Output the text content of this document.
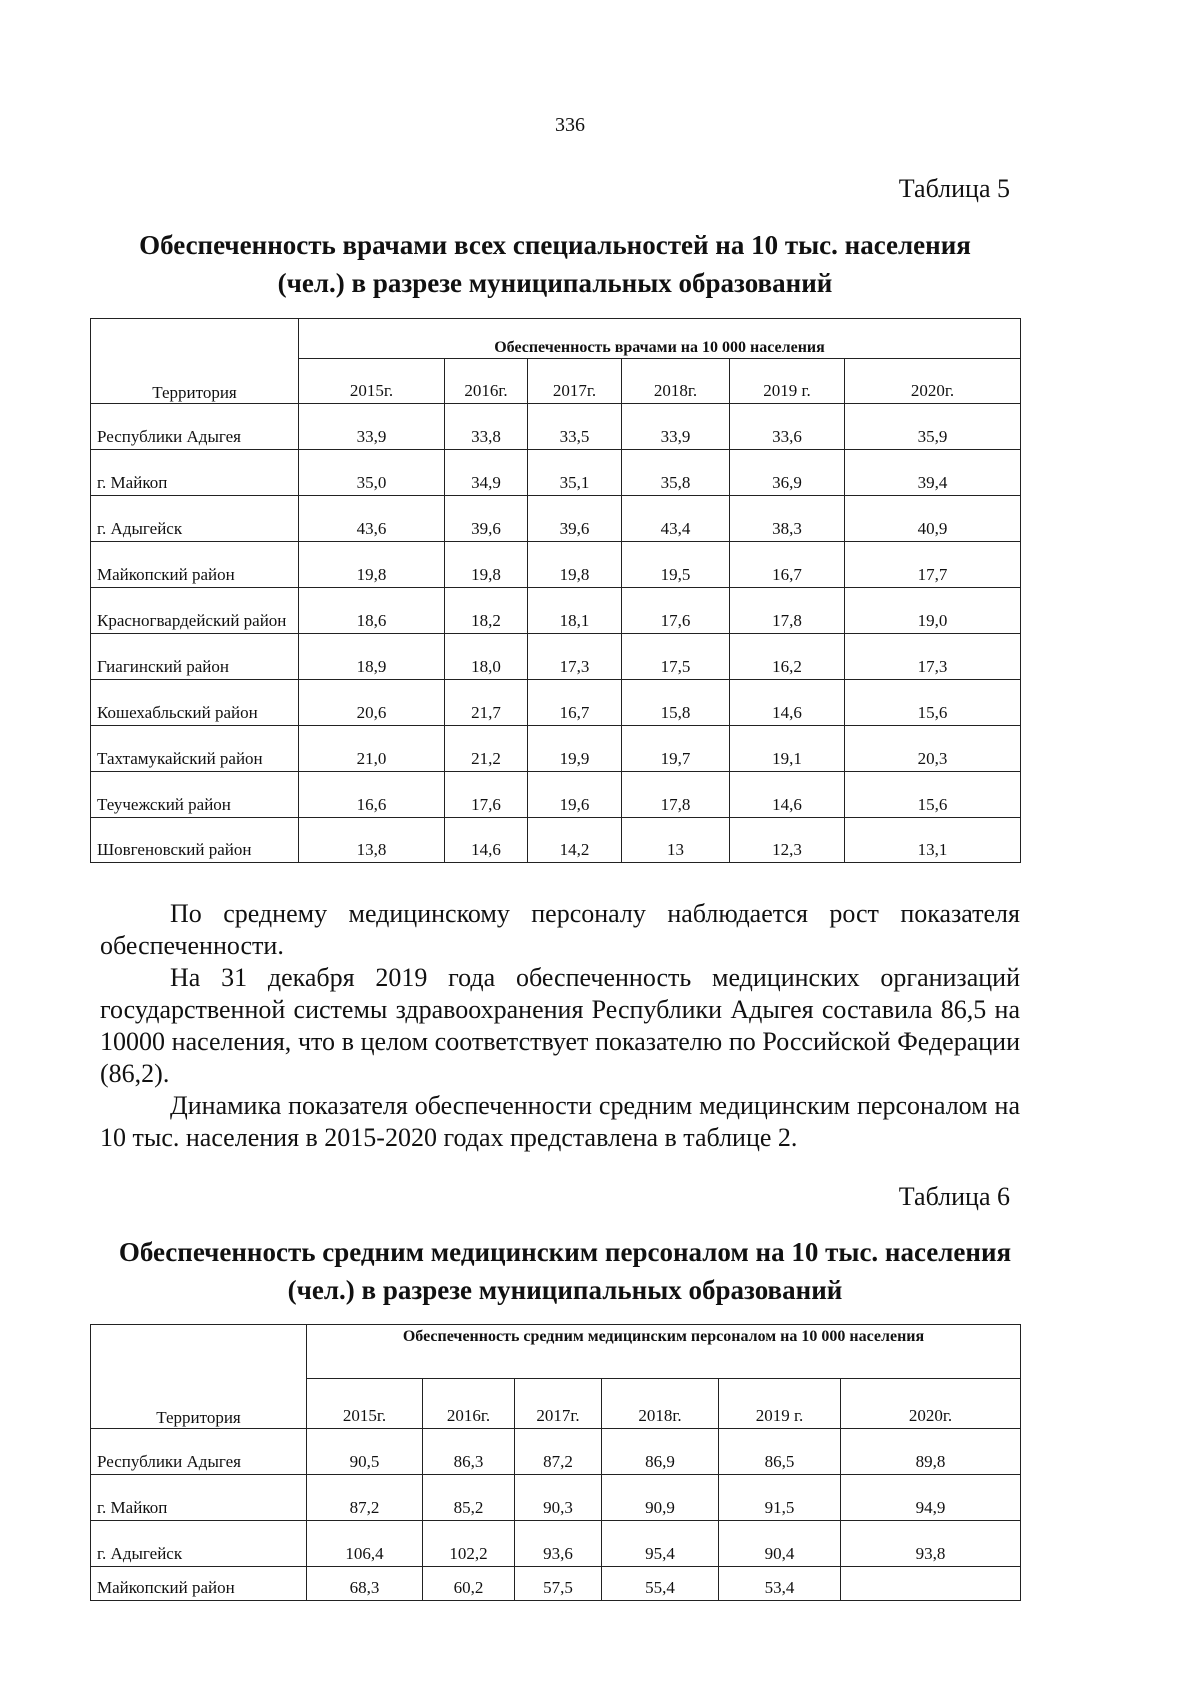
336
Таблица 5
Обеспеченность врачами всех специальностей на 10 тыс. населения
(чел.) в разрезе муниципальных образований
Территория	Обеспеченность врачами на 10 000 населения					
	2015г.	2016г.	2017г.	2018г.	2019 г.	2020г.
Республики Адыгея	33,9	33,8	33,5	33,9	33,6	35,9
г. Майкоп	35,0	34,9	35,1	35,8	36,9	39,4
г. Адыгейск	43,6	39,6	39,6	43,4	38,3	40,9
Майкопский район	19,8	19,8	19,8	19,5	16,7	17,7
Красногвардейский район	18,6	18,2	18,1	17,6	17,8	19,0
Гиагинский район	18,9	18,0	17,3	17,5	16,2	17,3
Кошехабльский район	20,6	21,7	16,7	15,8	14,6	15,6
Тахтамукайский район	21,0	21,2	19,9	19,7	19,1	20,3
Теучежский район	16,6	17,6	19,6	17,8	14,6	15,6
Шовгеновский район	13,8	14,6	14,2	13	12,3	13,1
По среднему медицинскому персоналу наблюдается рост показателя обеспеченности.
На 31 декабря 2019 года обеспеченность медицинских организаций государственной системы здравоохранения Республики Адыгея составила 86,5 на 10000 населения, что в целом соответствует показателю по Российской Федерации (86,2).
Динамика показателя обеспеченности средним медицинским персоналом на 10 тыс. населения в 2015-2020 годах представлена в таблице 2.
Таблица 6
Обеспеченность средним медицинским персоналом на 10 тыс. населения
(чел.) в разрезе муниципальных образований
Территория	Обеспеченность средним медицинским персоналом на 10 000 населения					
	2015г.	2016г.	2017г.	2018г.	2019 г.	2020г.
Республики Адыгея	90,5	86,3	87,2	86,9	86,5	89,8
г. Майкоп	87,2	85,2	90,3	90,9	91,5	94,9
г. Адыгейск	106,4	102,2	93,6	95,4	90,4	93,8
Майкопский район	68,3	60,2	57,5	55,4	53,4	
